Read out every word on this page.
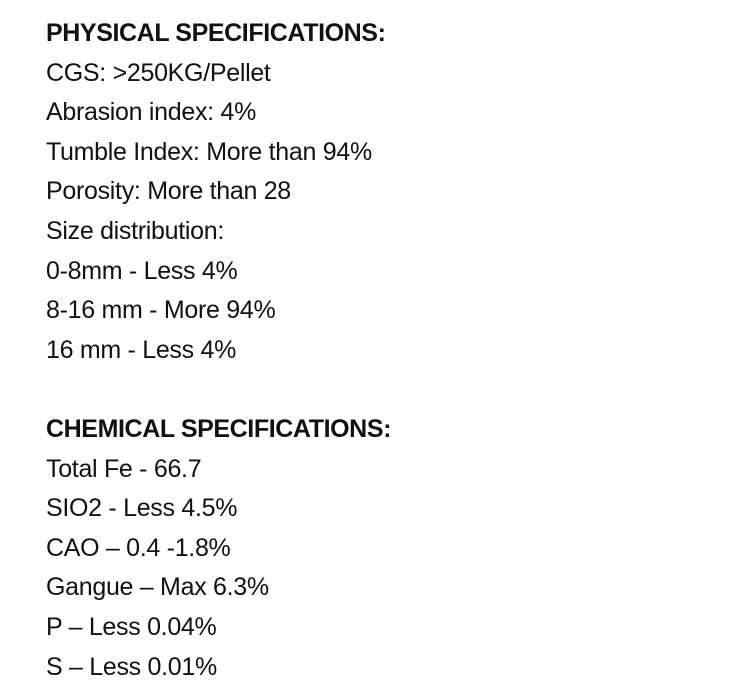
PHYSICAL SPECIFICATIONS:
CGS: >250KG/Pellet
Abrasion index: 4%
Tumble Index: More than 94%
Porosity: More than 28
Size distribution:
0-8mm - Less 4%
8-16 mm - More 94%
16 mm - Less 4%
CHEMICAL SPECIFICATIONS:
Total Fe - 66.7
SIO2 - Less 4.5%
CAO – 0.4 -1.8%
Gangue – Max 6.3%
P – Less 0.04%
S – Less 0.01%
